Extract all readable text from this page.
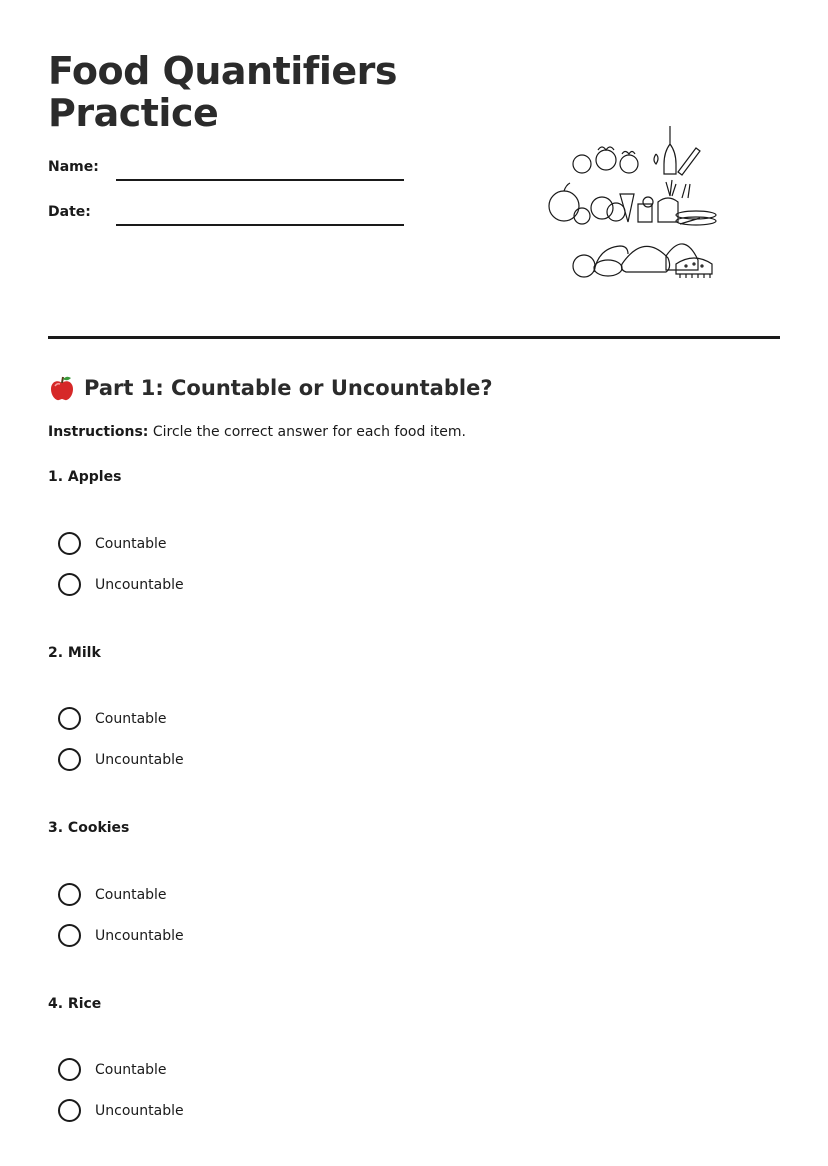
Food Quantifiers
Practice
Name:
Date:
Part 1: Countable or Uncountable?
Instructions: Circle the correct answer for each food item.
1. Apples
Countable
Uncountable
2. Milk
Countable
Uncountable
3. Cookies
Countable
Uncountable
4. Rice
Countable
Uncountable
